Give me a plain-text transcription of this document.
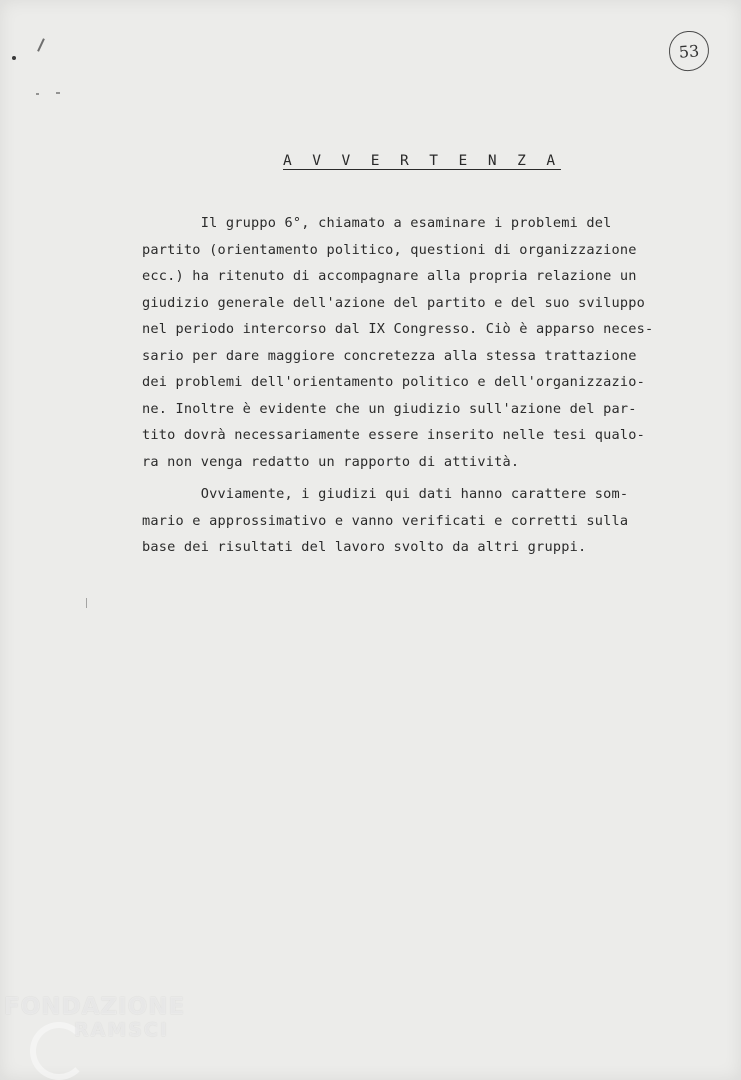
53
A V V E R T E N Z A

Il gruppo 6°, chiamato a esaminare i problemi del
partito (orientamento politico, questioni di organizzazione
ecc.) ha ritenuto di accompagnare alla propria relazione un
giudizio generale dell'azione del partito e del suo sviluppo
nel periodo intercorso dal IX Congresso. Ciò è apparso neces-
sario per dare maggiore concretezza alla stessa trattazione
dei problemi dell'orientamento politico e dell'organizzazio-
ne. Inoltre è evidente che un giudizio sull'azione del par-
tito dovrà necessariamente essere inserito nelle tesi qualo-
ra non venga redatto un rapporto di attività.

Ovviamente, i giudizi qui dati hanno carattere som-
mario e approssimativo e vanno verificati e corretti sulla
base dei risultati del lavoro svolto da altri gruppi.

FONDAZIONE
RAMSCI
